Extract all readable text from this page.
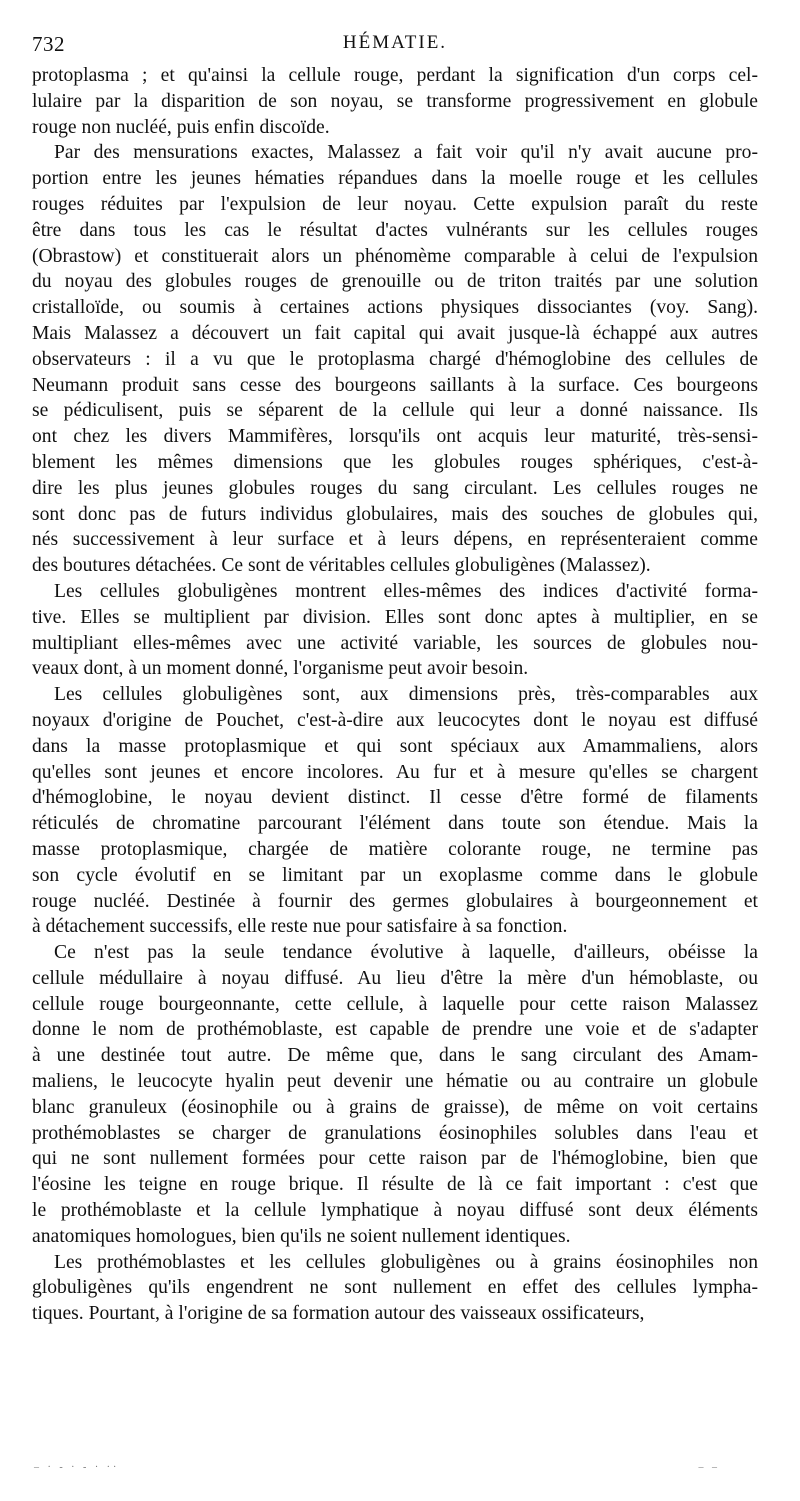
732	HÉMATIE.
protoplasma ; et qu'ainsi la cellule rouge, perdant la signification d'un corps cel-
lulaire par la disparition de son noyau, se transforme progressivement en globule
rouge non nucléé, puis enfin discoïde.
Par des mensurations exactes, Malassez a fait voir qu'il n'y avait aucune pro-
portion entre les jeunes hématies répandues dans la moelle rouge et les cellules
rouges réduites par l'expulsion de leur noyau. Cette expulsion paraît du reste
être dans tous les cas le résultat d'actes vulnérants sur les cellules rouges
(Obrastow) et constituerait alors un phénomème comparable à celui de l'expulsion
du noyau des globules rouges de grenouille ou de triton traités par une solution
cristalloïde, ou soumis à certaines actions physiques dissociantes (voy. Sang).
Mais Malassez a découvert un fait capital qui avait jusque-là échappé aux autres
observateurs : il a vu que le protoplasma chargé d'hémoglobine des cellules de
Neumann produit sans cesse des bourgeons saillants à la surface. Ces bourgeons
se pédiculisent, puis se séparent de la cellule qui leur a donné naissance. Ils
ont chez les divers Mammifères, lorsqu'ils ont acquis leur maturité, très-sensi-
blement les mêmes dimensions que les globules rouges sphériques, c'est-à-
dire les plus jeunes globules rouges du sang circulant. Les cellules rouges ne
sont donc pas de futurs individus globulaires, mais des souches de globules qui,
nés successivement à leur surface et à leurs dépens, en représenteraient comme
des boutures détachées. Ce sont de véritables cellules globuligènes (Malassez).
Les cellules globuligènes montrent elles-mêmes des indices d'activité forma-
tive. Elles se multiplient par division. Elles sont donc aptes à multiplier, en se
multipliant elles-mêmes avec une activité variable, les sources de globules nou-
veaux dont, à un moment donné, l'organisme peut avoir besoin.
Les cellules globuligènes sont, aux dimensions près, très-comparables aux
noyaux d'origine de Pouchet, c'est-à-dire aux leucocytes dont le noyau est diffusé
dans la masse protoplasmique et qui sont spéciaux aux Amammaliens, alors
qu'elles sont jeunes et encore incolores. Au fur et à mesure qu'elles se chargent
d'hémoglobine, le noyau devient distinct. Il cesse d'être formé de filaments
réticulés de chromatine parcourant l'élément dans toute son étendue. Mais la
masse protoplasmique, chargée de matière colorante rouge, ne termine pas
son cycle évolutif en se limitant par un exoplasme comme dans le globule
rouge nucléé. Destinée à fournir des germes globulaires à bourgeonnement et
à détachement successifs, elle reste nue pour satisfaire à sa fonction.
Ce n'est pas la seule tendance évolutive à laquelle, d'ailleurs, obéisse la
cellule médullaire à noyau diffusé. Au lieu d'être la mère d'un hémoblaste, ou
cellule rouge bourgeonnante, cette cellule, à laquelle pour cette raison Malassez
donne le nom de prothémoblaste, est capable de prendre une voie et de s'adapter
à une destinée tout autre. De même que, dans le sang circulant des Amam-
maliens, le leucocyte hyalin peut devenir une hématie ou au contraire un globule
blanc granuleux (éosinophile ou à grains de graisse), de même on voit certains
prothémoblastes se charger de granulations éosinophiles solubles dans l'eau et
qui ne sont nullement formées pour cette raison par de l'hémoglobine, bien que
l'éosine les teigne en rouge brique. Il résulte de là ce fait important : c'est que
le prothémoblaste et la cellule lymphatique à noyau diffusé sont deux éléments
anatomiques homologues, bien qu'ils ne soient nullement identiques.
Les prothémoblastes et les cellules globuligènes ou à grains éosinophiles non
globuligènes qu'ils engendrent ne sont nullement en effet des cellules lympha-
tiques. Pourtant, à l'origine de sa formation autour des vaisseaux ossificateurs,
– · - · - · ··	– –
